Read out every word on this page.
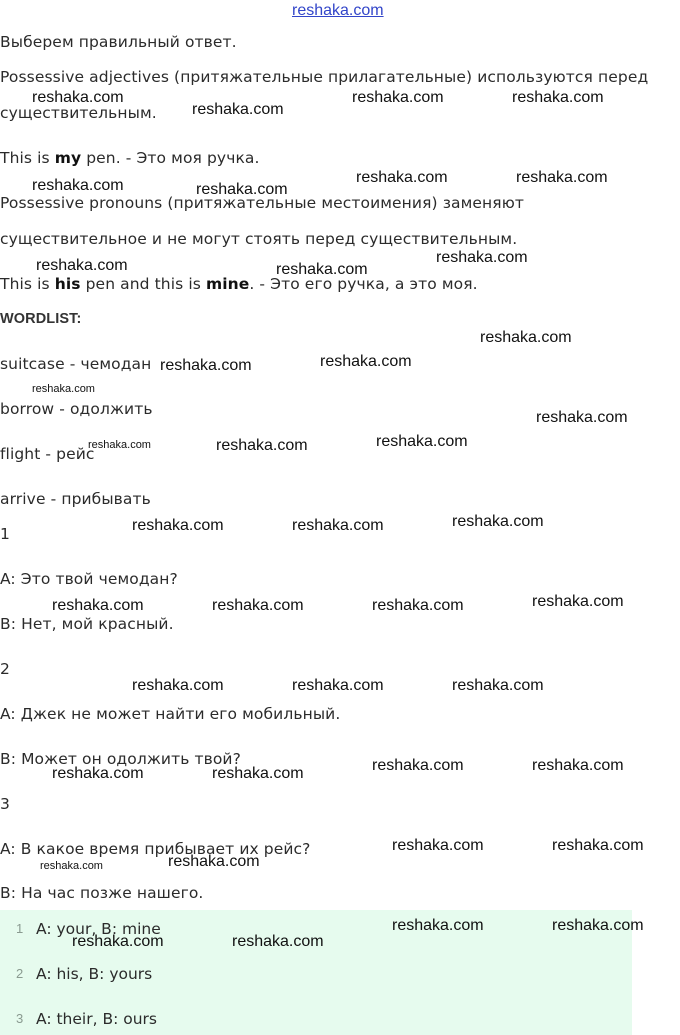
reshaka.com

Выберем правильный ответ.

Possessive adjectives (притяжательные прилагательные) используются перед

существительным.

This is my pen. - Это моя ручка.

Possessive pronouns (притяжательные местоимения) заменяют

существительное и не могут стоять перед существительным.

This is his pen and this is mine. - Это его ручка, а это моя.

WORDLIST:

suitcase - чемодан

borrow - одолжить

flight - рейс

arrive - прибывать

1

A: Это твой чемодан?

B: Нет, мой красный.

2

A: Джек не может найти его мобильный.

B: Может он одолжить твой?

3

A: В какое время прибывает их рейс?

B: На час позже нашего.

1 A: your, B: mine
2 A: his, B: yours
3 A: their, B: ours
reshaka.com
reshaka.com
reshaka.com	reshaka.com
reshaka.com	reshaka.com
reshaka.com	reshaka.com
reshaka.com	reshaka.com
reshaka.com
reshaka.com
reshaka.com	reshaka.com
reshaka.com
reshaka.com
reshaka.com	reshaka.com	reshaka.com
reshaka.com	reshaka.com	reshaka.com
reshaka.com	reshaka.com	reshaka.com	reshaka.com
reshaka.com	reshaka.com	reshaka.com
reshaka.com	reshaka.com	reshaka.com	reshaka.com
reshaka.com	reshaka.com
reshaka.com	reshaka.com
reshaka.com	reshaka.com
reshaka.com	reshaka.com
